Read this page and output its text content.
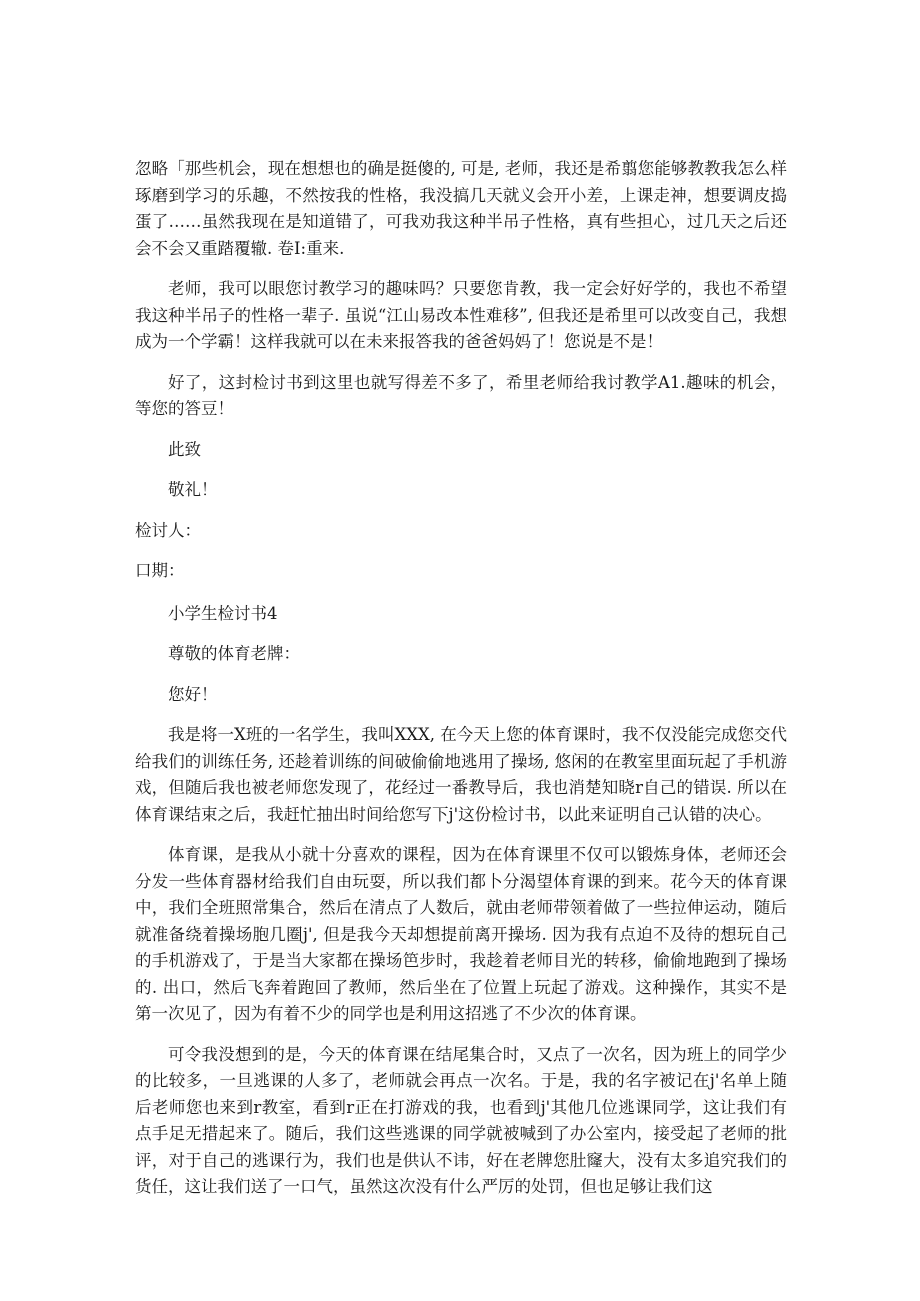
忽略「那些机会，现在想想也的确是挺傻的, 可是, 老师，我还是希翦您能够教教我怎么样琢磨到学习的乐趣，不然按我的性格，我没搞几天就义会开小差，上课走神，想要调皮捣蛋了……虽然我现在是知道错了，可我劝我这种半吊子性格，真有些担心，过几天之后还会不会又重踏覆辙. 卷I:重来.

老师，我可以眼您讨教学习的趣味吗？只要您肯教，我一定会好好学的，我也不希望我这种半吊子的性格一辈子. 虽说“江山易改本性难移”, 但我还是希里可以改变自己，我想成为一个学霸！这样我就可以在未来报答我的爸爸妈妈了！您说是不是！

好了，这封检讨书到这里也就写得差不多了，希里老师给我讨教学A1.趣味的机会，等您的答豆！

此致
敬礼！
检讨人：
口期：
小学生检讨书4
尊敬的体育老牌：
您好！

我是将一X班的一名学生，我叫XXX, 在今天上您的体育课时，我不仅没能完成您交代给我们的训练任务, 还趁着训练的间破偷偷地逃用了操场, 悠闲的在教室里面玩起了手机游戏，但随后我也被老师您发现了，花经过一番教导后，我也消楚知晓r自己的错误. 所以在体育课结束之后，我赶忙抽出时间给您写下j'这份检讨书，以此来证明自己认错的决心。

体育课，是我从小就十分喜欢的课程，因为在体育课里不仅可以锻炼身体，老师还会分发一些体育器材给我们自由玩耍，所以我们都卜分渴望体育课的到来。花今天的体育课中，我们全班照常集合，然后在清点了人数后，就由老师带领着做了一些拉伸运动，随后就准备绕着操场胞几圈j', 但是我今天却想提前离开操场. 因为我有点迫不及待的想玩自己的手机游戏了，于是当大家都在操场笆步时，我趁着老师目光的转移，偷偷地跑到了操场的. 出口，然后飞奔着跑回了教师，然后坐在了位置上玩起了游戏。这种操作，其实不是第一次见了，因为有着不少的同学也是利用这招逃了不少次的体育课。

可令我没想到的是，今天的体育课在结尾集合时，又点了一次名，因为班上的同学少的比较多，一旦逃课的人多了，老师就会再点一次名。于是，我的名字被记在j'名单上随后老师您也来到r教室，看到r正在打游戏的我，也看到j'其他几位逃课同学，这让我们有点手足无措起来了。随后，我们这些逃课的同学就被喊到了办公室内，接受起了老师的批评，对于自己的逃课行为，我们也是供认不讳，好在老牌您肚窿大，没有太多追究我们的货任，这让我们送了一口气，虽然这次没有什么严厉的处罚，但也足够让我们这
